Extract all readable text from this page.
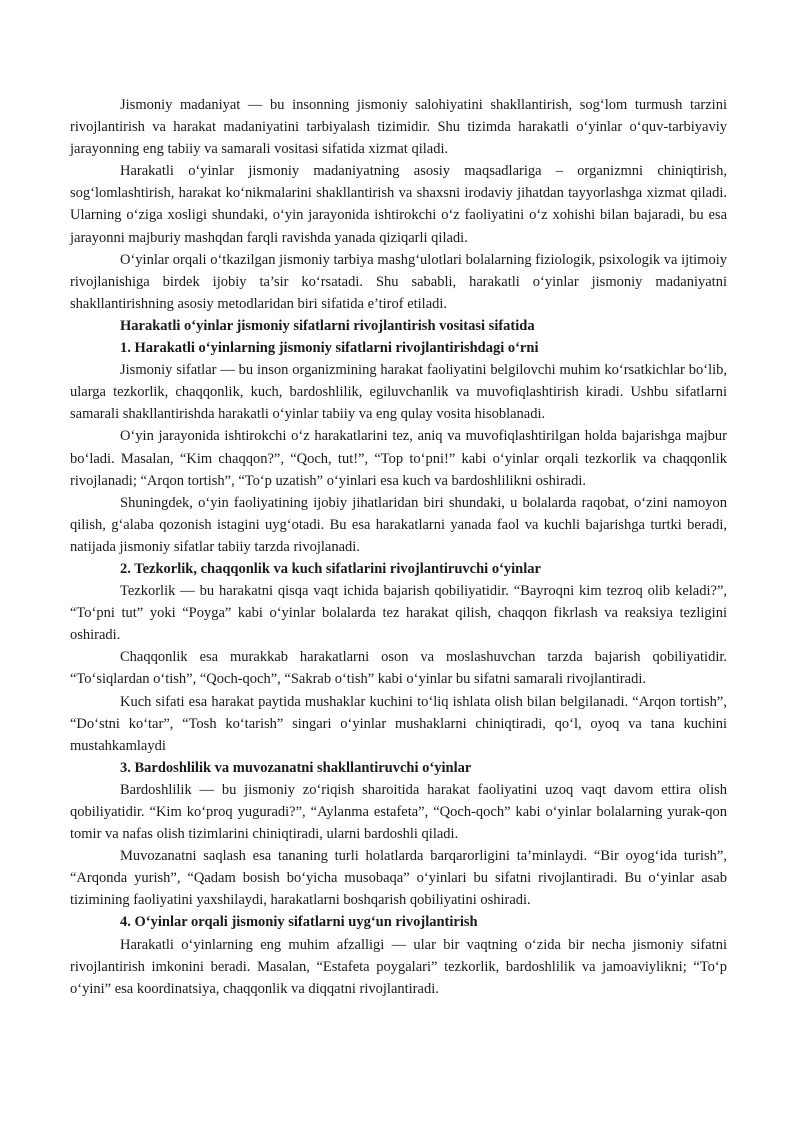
Jismoniy madaniyat — bu insonning jismoniy salohiyatini shakllantirish, sog‘lom turmush tarzini rivojlantirish va harakat madaniyatini tarbiyalash tizimidir. Shu tizimda harakatli o‘yinlar o‘quv-tarbiyaviy jarayonning eng tabiiy va samarali vositasi sifatida xizmat qiladi.

Harakatli o‘yinlar jismoniy madaniyatning asosiy maqsadlariga – organizmni chiniqtirish, sog‘lomlashtirish, harakat ko‘nikmalarini shakllantirish va shaxsni irodaviy jihatdan tayyorlashga xizmat qiladi. Ularning o‘ziga xosligi shundaki, o‘yin jarayonida ishtirokchi o‘z faoliyatini o‘z xohishi bilan bajaradi, bu esa jarayonni majburiy mashqdan farqli ravishda yanada qiziqarli qiladi.

O‘yinlar orqali o‘tkazilgan jismoniy tarbiya mashg‘ulotlari bolalarning fiziologik, psixologik va ijtimoiy rivojlanishiga birdek ijobiy ta’sir ko‘rsatadi. Shu sababli, harakatli o‘yinlar jismoniy madaniyatni shakllantirishning asosiy metodlaridan biri sifatida e’tirof etiladi.

Harakatli o‘yinlar jismoniy sifatlarni rivojlantirish vositasi sifatida

1. Harakatli o‘yinlarning jismoniy sifatlarni rivojlantirishdagi o‘rni

Jismoniy sifatlar — bu inson organizmining harakat faoliyatini belgilovchi muhim ko‘rsatkichlar bo‘lib, ularga tezkorlik, chaqqonlik, kuch, bardoshlilik, egiluvchanlik va muvofiqlashtirish kiradi. Ushbu sifatlarni samarali shakllantirishda harakatli o‘yinlar tabiiy va eng qulay vosita hisoblanadi.

O‘yin jarayonida ishtirokchi o‘z harakatlarini tez, aniq va muvofiqlashtirilgan holda bajarishga majbur bo‘ladi. Masalan, “Kim chaqqon?”, “Qoch, tut!”, “Top to‘pni!” kabi o‘yinlar orqali tezkorlik va chaqqonlik rivojlanadi; “Arqon tortish”, “To‘p uzatish” o‘yinlari esa kuch va bardoshlilikni oshiradi.

Shuningdek, o‘yin faoliyatining ijobiy jihatlaridan biri shundaki, u bolalarda raqobat, o‘zini namoyon qilish, g‘alaba qozonish istagini uyg‘otadi. Bu esa harakatlarni yanada faol va kuchli bajarishga turtki beradi, natijada jismoniy sifatlar tabiiy tarzda rivojlanadi.

2. Tezkorlik, chaqqonlik va kuch sifatlarini rivojlantiruvchi o‘yinlar

Tezkorlik — bu harakatni qisqa vaqt ichida bajarish qobiliyatidir. “Bayroqni kim tezroq olib keladi?”, “To‘pni tut” yoki “Poyga” kabi o‘yinlar bolalarda tez harakat qilish, chaqqon fikrlash va reaksiya tezligini oshiradi.

Chaqqonlik esa murakkab harakatlarni oson va moslashuvchan tarzda bajarish qobiliyatidir. “To‘siqlardan o‘tish”, “Qoch-qoch”, “Sakrab o‘tish” kabi o‘yinlar bu sifatni samarali rivojlantiradi.

Kuch sifati esa harakat paytida mushaklar kuchini to‘liq ishlata olish bilan belgilanadi. “Arqon tortish”, “Do‘stni ko‘tar”, “Tosh ko‘tarish” singari o‘yinlar mushaklarni chiniqtiradi, qo‘l, oyoq va tana kuchini mustahkamlaydi

3. Bardoshlilik va muvozanatni shakllantiruvchi o‘yinlar

Bardoshlilik — bu jismoniy zo‘riqish sharoitida harakat faoliyatini uzoq vaqt davom ettira olish qobiliyatidir. “Kim ko‘proq yuguradi?”, “Aylanma estafeta”, “Qoch-qoch” kabi o‘yinlar bolalarning yurak-qon tomir va nafas olish tizimlarini chiniqtiradi, ularni bardoshli qiladi.

Muvozanatni saqlash esa tananing turli holatlarda barqarorligini ta’minlaydi. “Bir oyog‘ida turish”, “Arqonda yurish”, “Qadam bosish bo‘yicha musobaqa” o‘yinlari bu sifatni rivojlantiradi. Bu o‘yinlar asab tizimining faoliyatini yaxshilaydi, harakatlarni boshqarish qobiliyatini oshiradi.

4. O‘yinlar orqali jismoniy sifatlarni uyg‘un rivojlantirish

Harakatli o‘yinlarning eng muhim afzalligi — ular bir vaqtning o‘zida bir necha jismoniy sifatni rivojlantirish imkonini beradi. Masalan, “Estafeta poygalari” tezkorlik, bardoshlilik va jamoaviylikni; “To‘p o‘yini” esa koordinatsiya, chaqqonlik va diqqatni rivojlantiradi.
